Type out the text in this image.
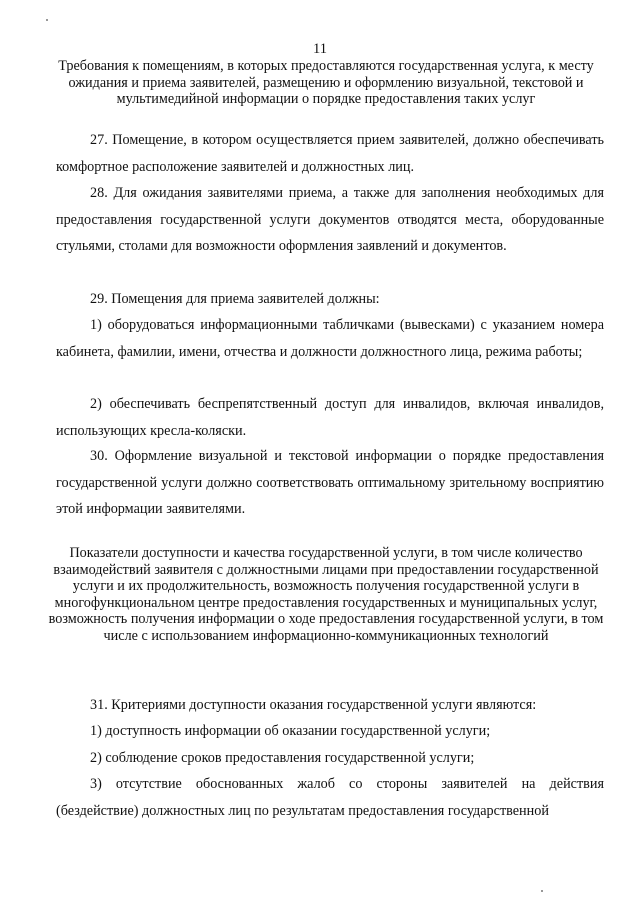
11
Требования к помещениям, в которых предоставляются государственная услуга, к месту ожидания и приема заявителей, размещению и оформлению визуальной, текстовой и мультимедийной информации о порядке предоставления таких услуг

27. Помещение, в котором осуществляется прием заявителей, должно обеспечивать комфортное расположение заявителей и должностных лиц.

28. Для ожидания заявителями приема, а также для заполнения необходимых для предоставления государственной услуги документов отводятся места, оборудованные стульями, столами для возможности оформления заявлений и документов.

29. Помещения для приема заявителей должны:

1) оборудоваться информационными табличками (вывесками) с указанием номера кабинета, фамилии, имени, отчества и должности должностного лица, режима работы;

2) обеспечивать беспрепятственный доступ для инвалидов, включая инвалидов, использующих кресла-коляски.

30. Оформление визуальной и текстовой информации о порядке предоставления государственной услуги должно соответствовать оптимальному зрительному восприятию этой информации заявителями.

Показатели доступности и качества государственной услуги, в том числе количество взаимодействий заявителя с должностными лицами при предоставлении государственной услуги и их продолжительность, возможность получения государственной услуги в многофункциональном центре предоставления государственных и муниципальных услуг, возможность получения информации о ходе предоставления государственной услуги, в том числе с использованием информационно-коммуникационных технологий

31. Критериями доступности оказания государственной услуги являются:

1) доступность информации об оказании государственной услуги;

2) соблюдение сроков предоставления государственной услуги;

3) отсутствие обоснованных жалоб со стороны заявителей на действия (бездействие) должностных лиц по результатам предоставления государственной
